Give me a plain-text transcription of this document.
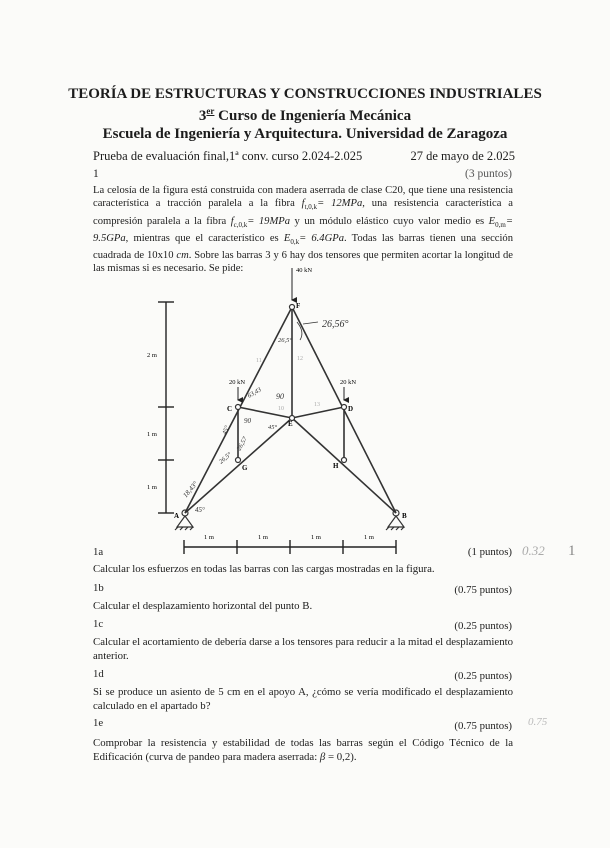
TEORÍA DE ESTRUCTURAS Y CONSTRUCCIONES INDUSTRIALES
3er Curso de Ingeniería Mecánica
Escuela de Ingeniería y Arquitectura. Universidad de Zaragoza
Prueba de evaluación final,1ª conv. curso 2.024-2.025	27 de mayo de 2.025
1	(3 puntos)
La celosía de la figura está construida con madera aserrada de clase C20, que tiene una resistencia característica a tracción paralela a la fibra $f_{t,0,k}= 12MPa$, una resistencia característica a compresión paralela a la fibra $f_{c,0,k}= 19MPa$ y un módulo elástico cuyo valor medio es $E_{0,m}= 9.5GPa$, mientras que el característico es $E_{0,k}= 6.4GPa$. Todas las barras tienen una sección cuadrada de 10x10 cm. Sobre las barras 3 y 6 hay dos tensores que permiten acortar la longitud de las mismas si es necesario. Se pide:	40 kN
20 kN	20 kN
F
C	D
E
G	H
A	B
11	12
13
10
2 m
1 m
1 m
1 m	1 m	1 m	1 m
26,56°
26,5°
63,43 90
90
45°
45°
26,57
26,5°
18,43°
45°
1a	(1 puntos)
Calcular los esfuerzos en todas las barras con las cargas mostradas en la figura.
1b	(0.75 puntos)
Calcular el desplazamiento horizontal del punto B.
1c	(0.25 puntos)
Calcular el acortamiento de debería darse a los tensores para reducir a la mitad el desplazamiento anterior.
1d	(0.25 puntos)
Si se produce un asiento de 5 cm en el apoyo A, ¿cómo se vería modificado el desplazamiento calculado en el apartado b?
1e	(0.75 puntos)
Comprobar la resistencia y estabilidad de todas las barras según el Código Técnico de la Edificación (curva de pandeo para madera aserrada: β = 0,2).
0.32 1
0.75
